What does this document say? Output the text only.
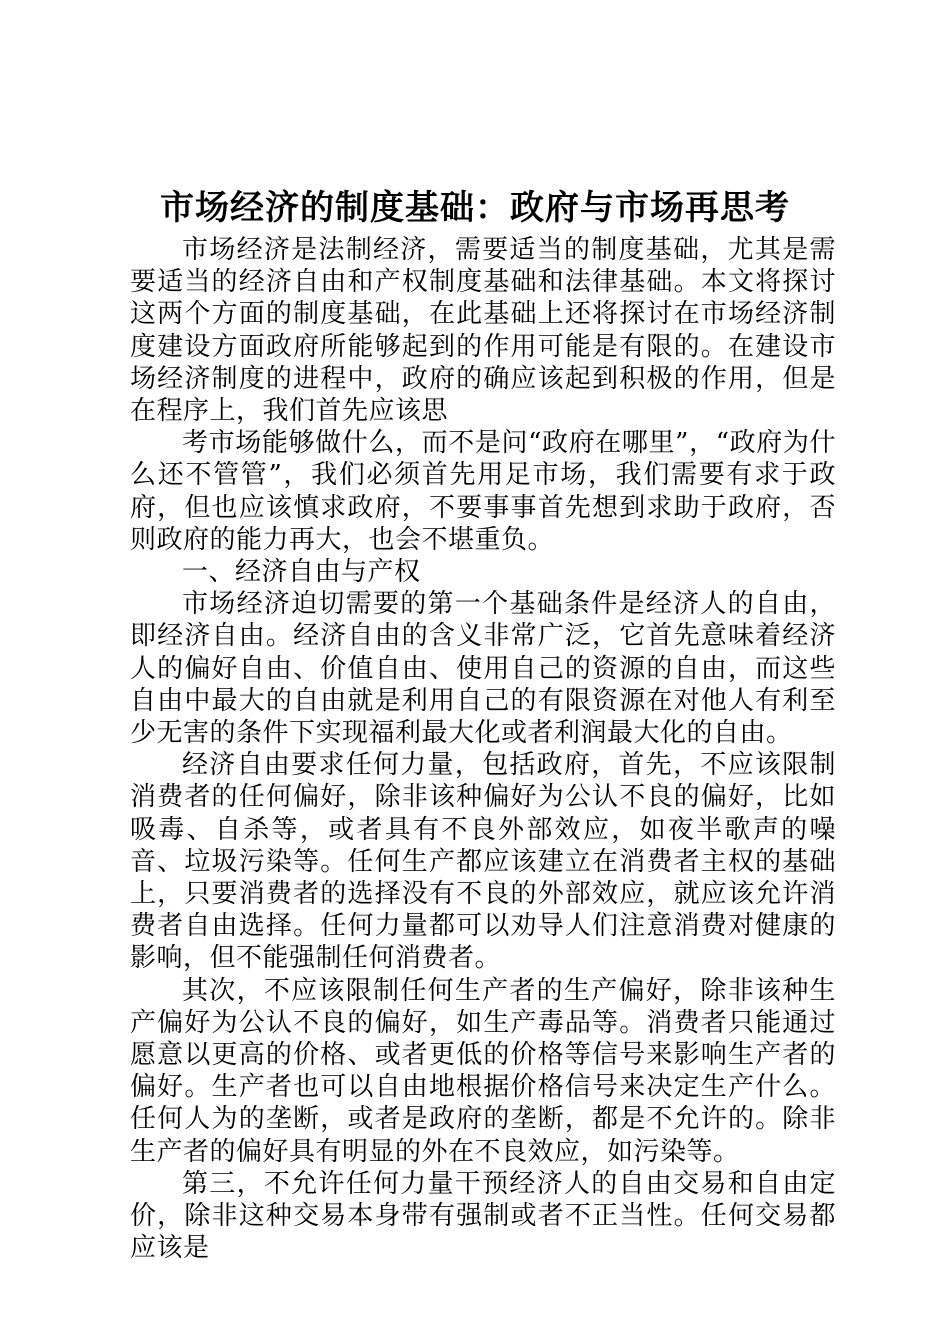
市场经济的制度基础：政府与市场再思考

市场经济是法制经济，需要适当的制度基础，尤其是需要适当的经济自由和产权制度基础和法律基础。本文将探讨这两个方面的制度基础，在此基础上还将探讨在市场经济制度建设方面政府所能够起到的作用可能是有限的。在建设市场经济制度的进程中，政府的确应该起到积极的作用，但是在程序上，我们首先应该思

考市场能够做什么，而不是问“政府在哪里”，“政府为什么还不管管”，我们必须首先用足市场，我们需要有求于政府，但也应该慎求政府，不要事事首先想到求助于政府，否则政府的能力再大，也会不堪重负。

一、经济自由与产权

市场经济迫切需要的第一个基础条件是经济人的自由，即经济自由。经济自由的含义非常广泛，它首先意味着经济人的偏好自由、价值自由、使用自己的资源的自由，而这些自由中最大的自由就是利用自己的有限资源在对他人有利至少无害的条件下实现福利最大化或者利润最大化的自由。

经济自由要求任何力量，包括政府，首先，不应该限制消费者的任何偏好，除非该种偏好为公认不良的偏好，比如吸毒、自杀等，或者具有不良外部效应，如夜半歌声的噪音、垃圾污染等。任何生产都应该建立在消费者主权的基础上，只要消费者的选择没有不良的外部效应，就应该允许消费者自由选择。任何力量都可以劝导人们注意消费对健康的影响，但不能强制任何消费者。

其次，不应该限制任何生产者的生产偏好，除非该种生产偏好为公认不良的偏好，如生产毒品等。消费者只能通过愿意以更高的价格、或者更低的价格等信号来影响生产者的偏好。生产者也可以自由地根据价格信号来决定生产什么。任何人为的垄断，或者是政府的垄断，都是不允许的。除非生产者的偏好具有明显的外在不良效应，如污染等。

第三，不允许任何力量干预经济人的自由交易和自由定价，除非这种交易本身带有强制或者不正当性。任何交易都应该是
